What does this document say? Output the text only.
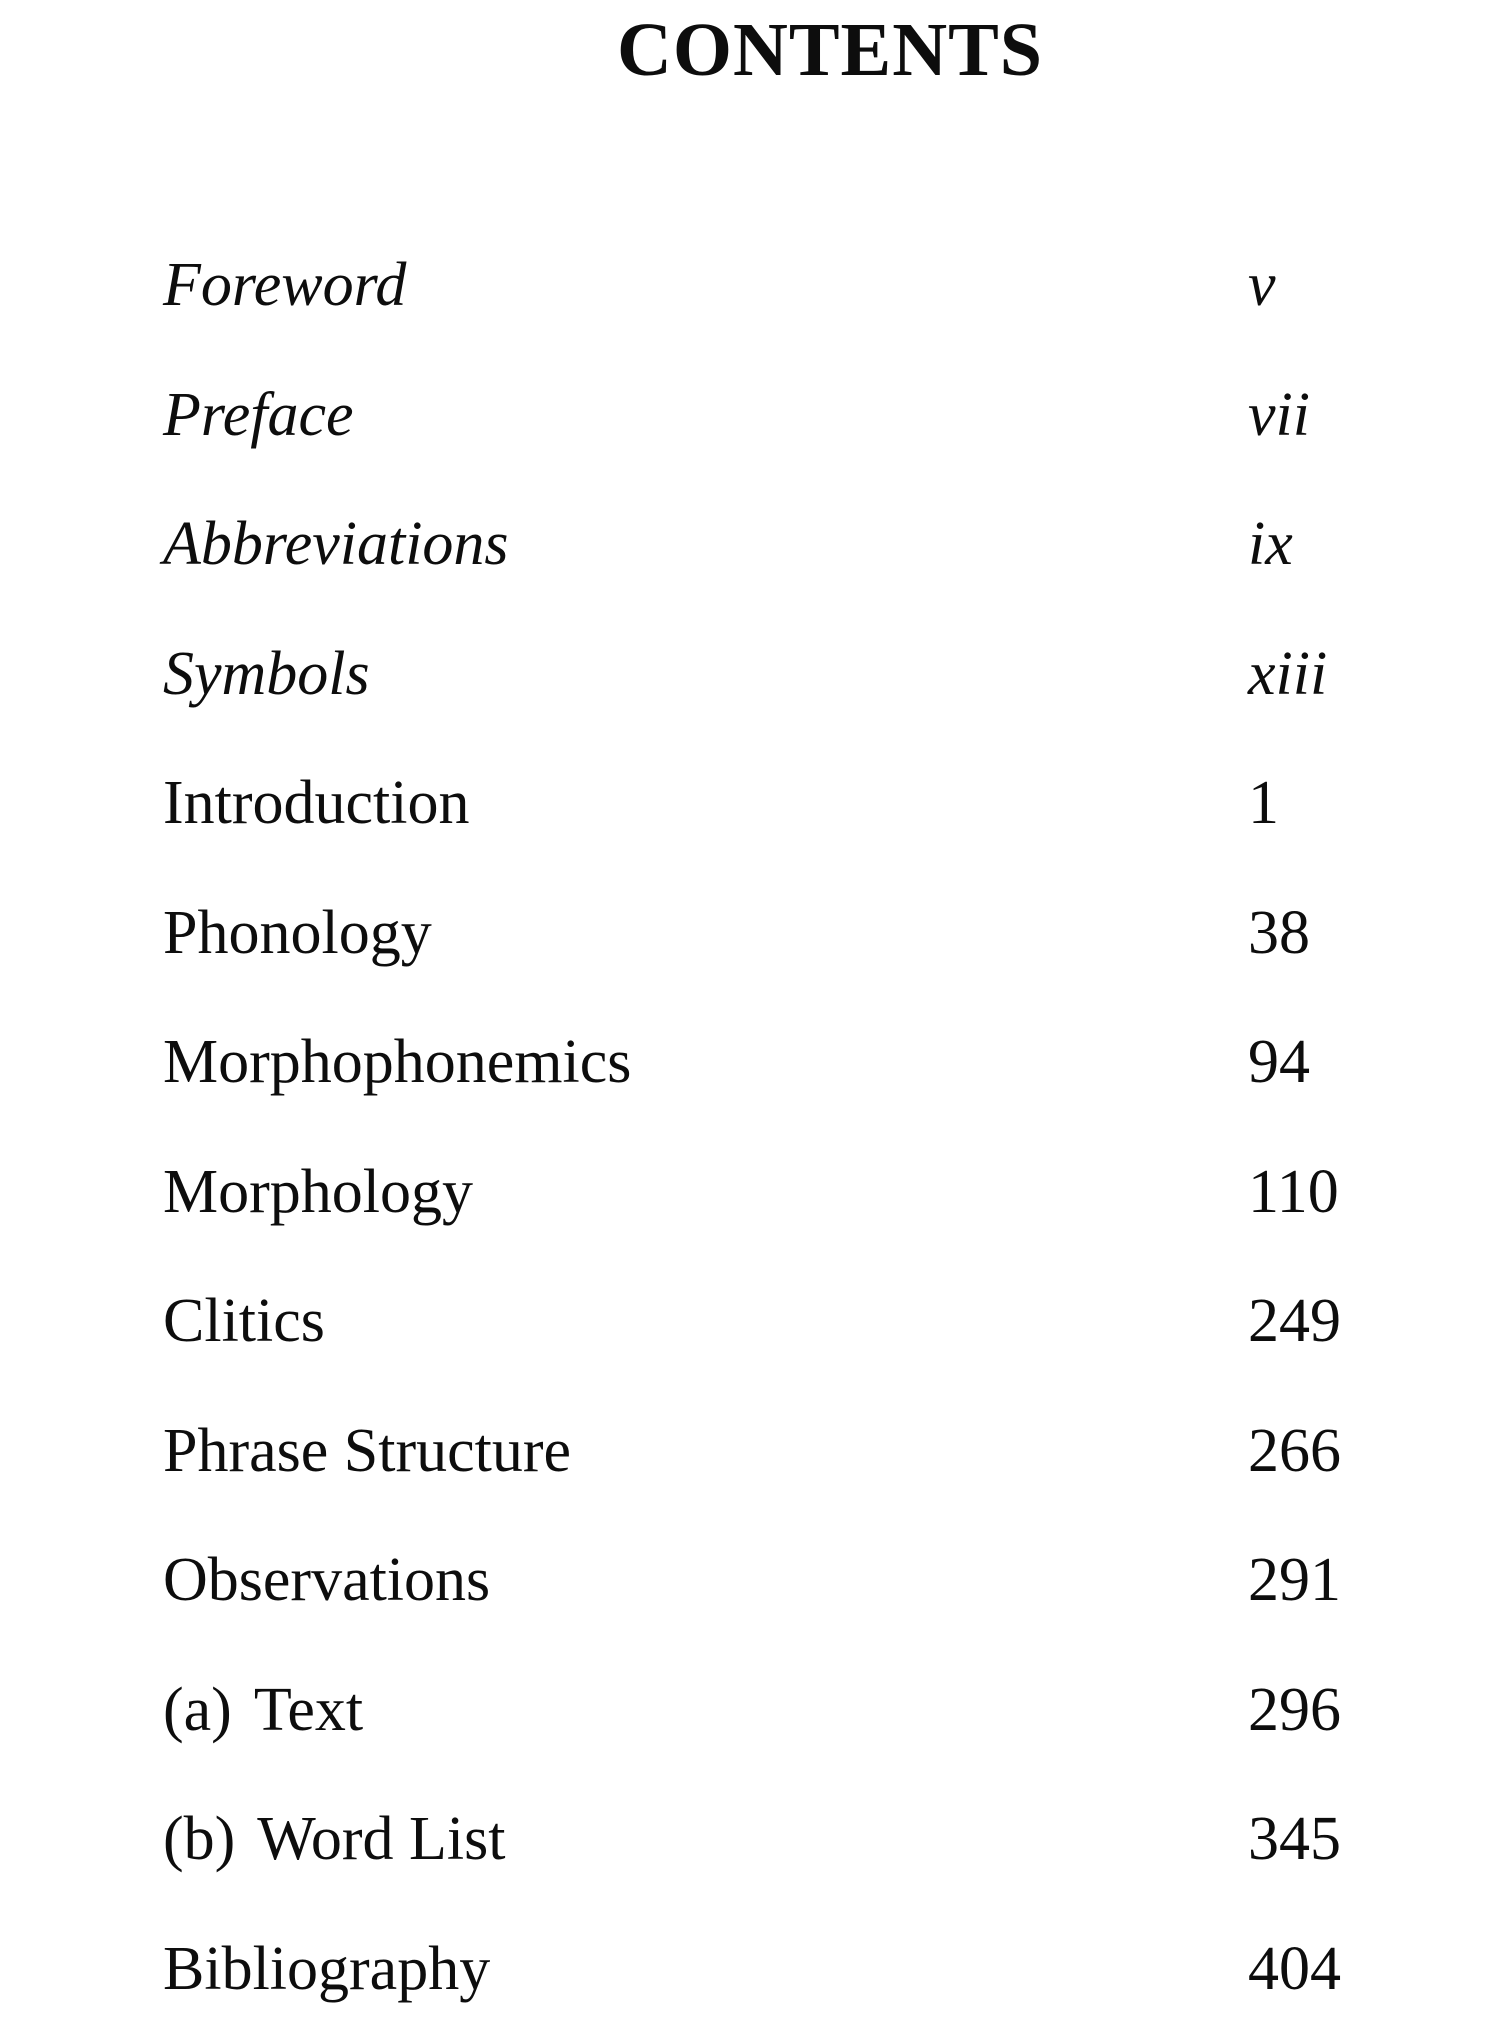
CONTENTS
Foreword	v
Preface	vii
Abbreviations	ix
Symbols	xiii
Introduction	1
Phonology	38
Morphophonemics	94
Morphology	110
Clitics	249
Phrase Structure	266
Observations	291
(a) Text	296
(b) Word List	345
Bibliography	404
